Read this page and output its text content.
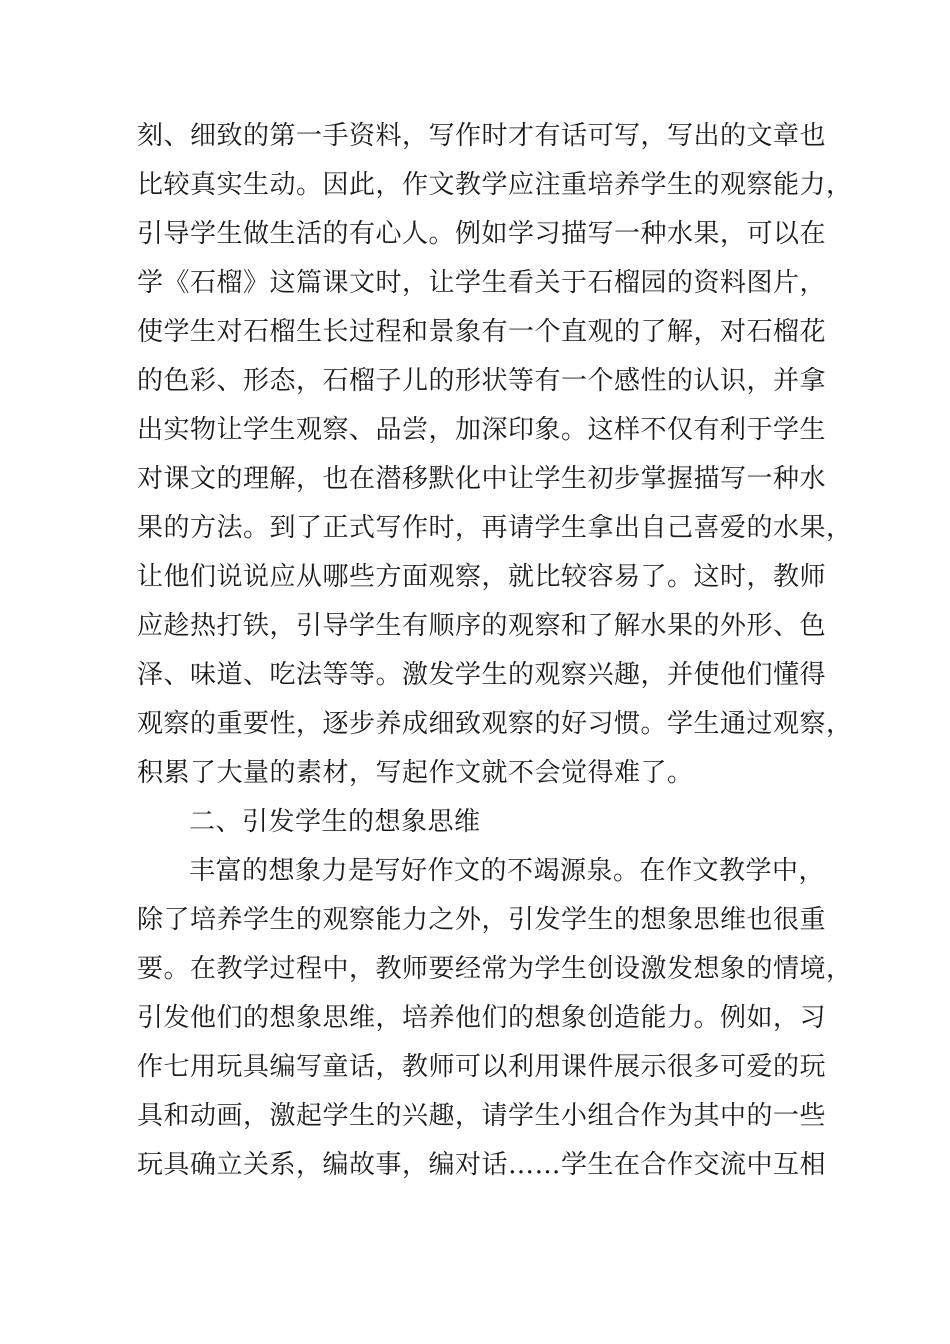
刻、细致的第一手资料，写作时才有话可写，写出的文章也
比较真实生动。因此，作文教学应注重培养学生的观察能力，
引导学生做生活的有心人。例如学习描写一种水果，可以在
学《石榴》这篇课文时，让学生看关于石榴园的资料图片，
使学生对石榴生长过程和景象有一个直观的了解，对石榴花
的色彩、形态，石榴子儿的形状等有一个感性的认识，并拿
出实物让学生观察、品尝，加深印象。这样不仅有利于学生
对课文的理解，也在潜移默化中让学生初步掌握描写一种水
果的方法。到了正式写作时，再请学生拿出自己喜爱的水果，
让他们说说应从哪些方面观察，就比较容易了。这时，教师
应趁热打铁，引导学生有顺序的观察和了解水果的外形、色
泽、味道、吃法等等。激发学生的观察兴趣，并使他们懂得
观察的重要性，逐步养成细致观察的好习惯。学生通过观察，
积累了大量的素材，写起作文就不会觉得难了。
二、引发学生的想象思维
丰富的想象力是写好作文的不竭源泉。在作文教学中，
除了培养学生的观察能力之外，引发学生的想象思维也很重
要。在教学过程中，教师要经常为学生创设激发想象的情境，
引发他们的想象思维，培养他们的想象创造能力。例如，习
作七用玩具编写童话，教师可以利用课件展示很多可爱的玩
具和动画，激起学生的兴趣，请学生小组合作为其中的一些
玩具确立关系，编故事，编对话……学生在合作交流中互相
